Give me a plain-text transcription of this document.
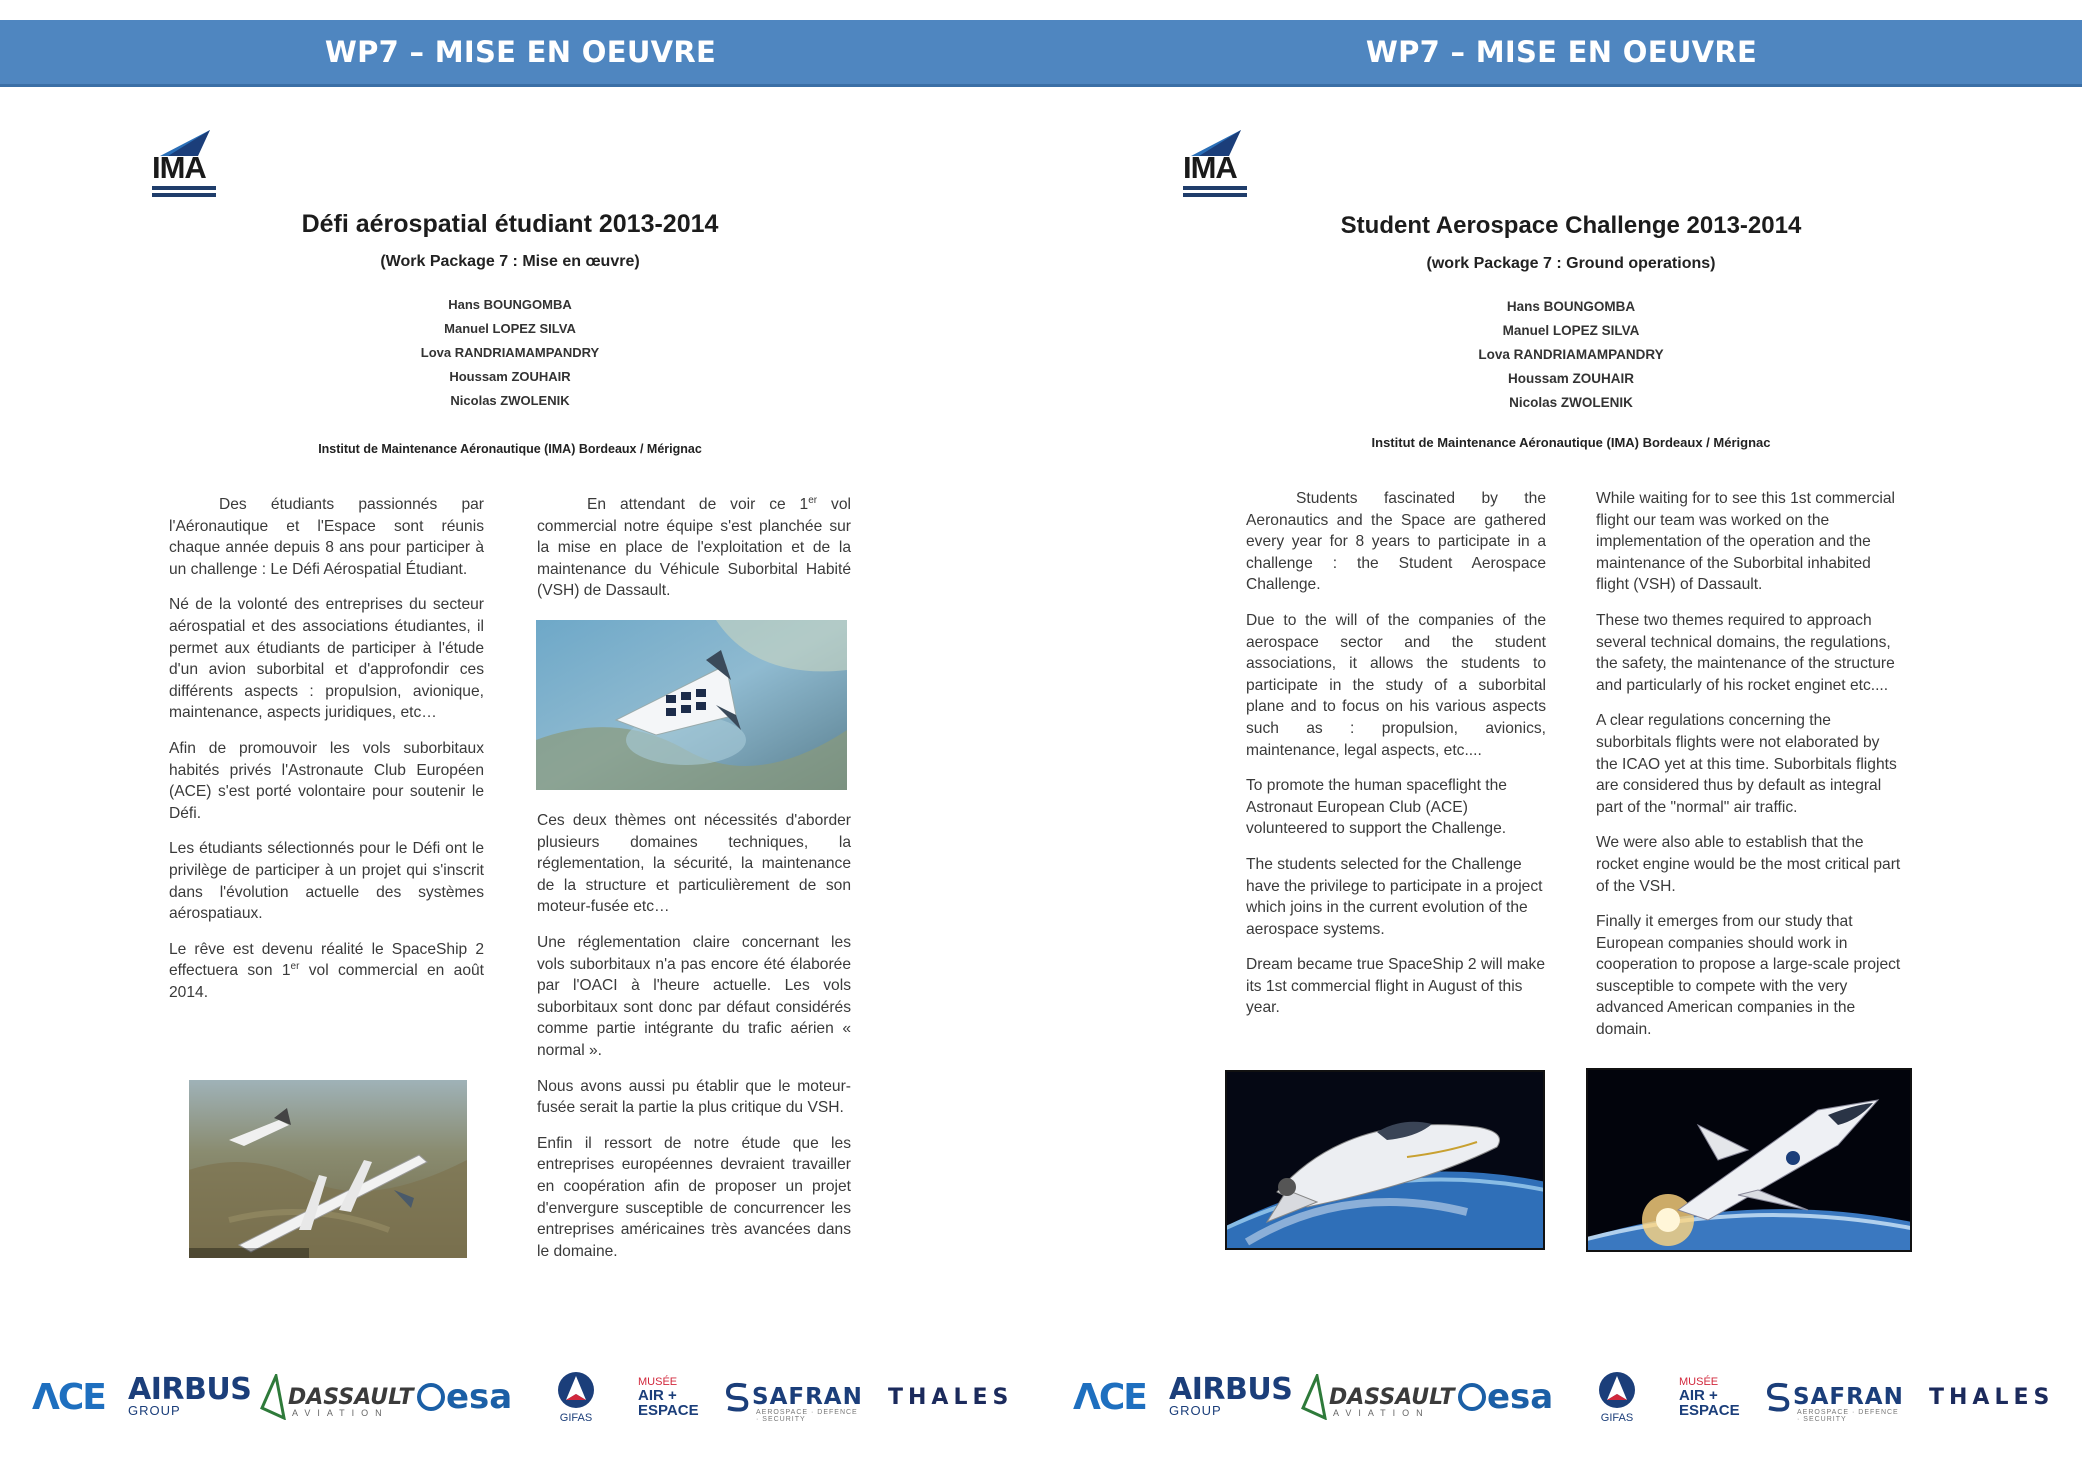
WP7 – MISE EN OEUVRE
IMA
Défi aérospatial étudiant 2013-2014
(Work Package 7 : Mise en œuvre)
Hans BOUNGOMBA
Manuel LOPEZ SILVA
Lova RANDRIAMAMPANDRY
Houssam ZOUHAIR
Nicolas ZWOLENIK
Institut de Maintenance Aéronautique (IMA) Bordeaux / Mérignac

Des étudiants passionnés par l'Aéronautique et l'Espace sont réunis chaque année depuis 8 ans pour participer à un challenge : Le Défi Aérospatial Étudiant.

Né de la volonté des entreprises du secteur aérospatial et des associations étudiantes, il permet aux étudiants de participer à l'étude d'un avion suborbital et d'approfondir ces différents aspects : propulsion, avionique, maintenance, aspects juridiques, etc…

Afin de promouvoir les vols suborbitaux habités privés l'Astronaute Club Européen (ACE) s'est porté volontaire pour soutenir le Défi.

Les étudiants sélectionnés pour le Défi ont le privilège de participer à un projet qui s'inscrit dans l'évolution actuelle des systèmes aérospatiaux.

Le rêve est devenu réalité le SpaceShip 2 effectuera son 1er vol commercial en août 2014.

En attendant de voir ce 1er vol commercial notre équipe s'est planchée sur la mise en place de l'exploitation et de la maintenance du Véhicule Suborbital Habité (VSH) de Dassault.

Ces deux thèmes ont nécessités d'aborder plusieurs domaines techniques, la réglementation, la sécurité, la maintenance de la structure et particulièrement de son moteur-fusée etc…

Une réglementation claire concernant les vols suborbitaux n'a pas encore été élaborée par l'OACI à l'heure actuelle. Les vols suborbitaux sont donc par défaut considérés comme partie intégrante du trafic aérien « normal ».

Nous avons aussi pu établir que le moteur-fusée serait la partie la plus critique du VSH.

Enfin il ressort de notre étude que les entreprises européennes devraient travailler en coopération afin de proposer un projet d'envergure susceptible de concurrencer les entreprises américaines très avancées dans le domaine.

ΛCE AIRBUS
GROUP
DASSAULT
AVIATION esa
GIFAS
MUSÉE
AIR +
ESPACE
SAFRAN
AEROSPACE · DEFENCE · SECURITY
THALES
WP7 – MISE EN OEUVRE
IMA
Student Aerospace Challenge 2013-2014
(work Package 7 : Ground operations)
Hans BOUNGOMBA
Manuel LOPEZ SILVA
Lova RANDRIAMAMPANDRY
Houssam ZOUHAIR
Nicolas ZWOLENIK
Institut de Maintenance Aéronautique (IMA) Bordeaux / Mérignac

Students fascinated by the Aeronautics and the Space are gathered every year for 8 years to participate in a challenge : the Student Aerospace Challenge.

Due to the will of the companies of the aerospace sector and the student associations, it allows the students to participate in the study of a suborbital plane and to focus on his various aspects such as : propulsion, avionics, maintenance, legal aspects, etc....

To promote the human spaceflight the Astronaut European Club (ACE) volunteered to support the Challenge.

The students selected for the Challenge have the privilege to participate in a project which joins in the current evolution of the aerospace systems.

Dream became true SpaceShip 2 will make its 1st commercial flight in August of this year.

While waiting for to see this 1st commercial flight our team was worked on the implementation of the operation and the maintenance of the Suborbital inhabited flight (VSH) of Dassault.

These two themes required to approach several technical domains, the regulations, the safety, the maintenance of the structure and particularly of his rocket enginet etc....

A clear regulations concerning the suborbitals flights were not elaborated by the ICAO yet at this time. Suborbitals flights are considered thus by default as integral part of the "normal" air traffic.

We were also able to establish that the rocket engine would be the most critical part of the VSH.

Finally it emerges from our study that European companies should work in cooperation to propose a large-scale project susceptible to compete with the very advanced American companies in the domain.

ΛCE AIRBUS
GROUP
DASSAULT
AVIATION esa
GIFAS
MUSÉE
AIR +
ESPACE
SAFRAN
AEROSPACE · DEFENCE · SECURITY
THALES
